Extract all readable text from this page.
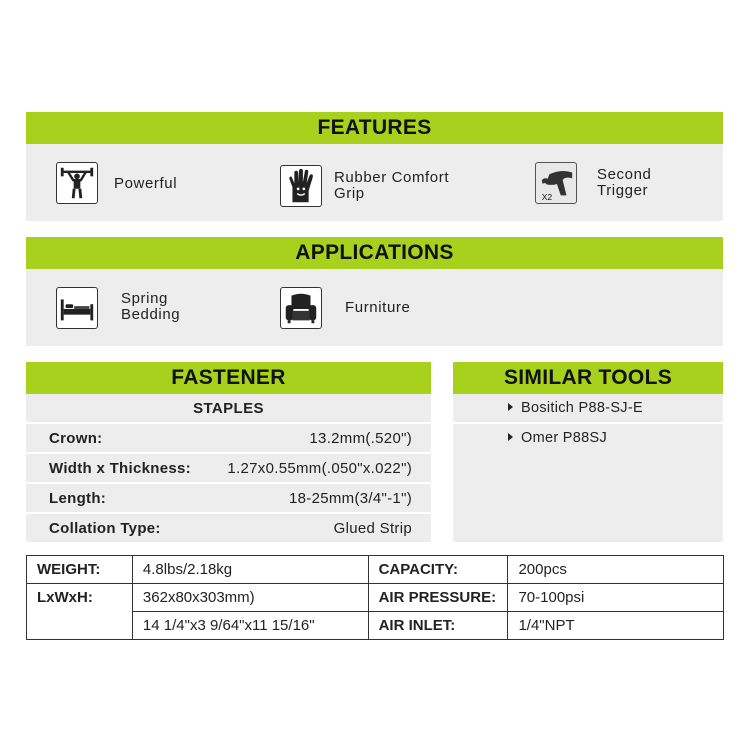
FEATURES
Powerful	Rubber Comfort
Grip	X2
Second
Trigger
APPLICATIONS
Spring
Bedding	Furniture
FASTENER
STAPLES
Crown:	13.2mm(.520")
Width x Thickness: 1.27x0.55mm(.050"x.022")
Length:	18-25mm(3/4"-1")
Collation Type:	Glued Strip
SIMILAR TOOLS
Bositich P88-SJ-E
Omer P88SJ
WEIGHT:	4.8lbs/2.18kg	CAPACITY:	200pcs
LxWxH:	362x80x303mm)	AIR PRESSURE:	70-100psi
	14 1/4"x3 9/64"x11 15/16"	AIR INLET:	1/4"NPT
